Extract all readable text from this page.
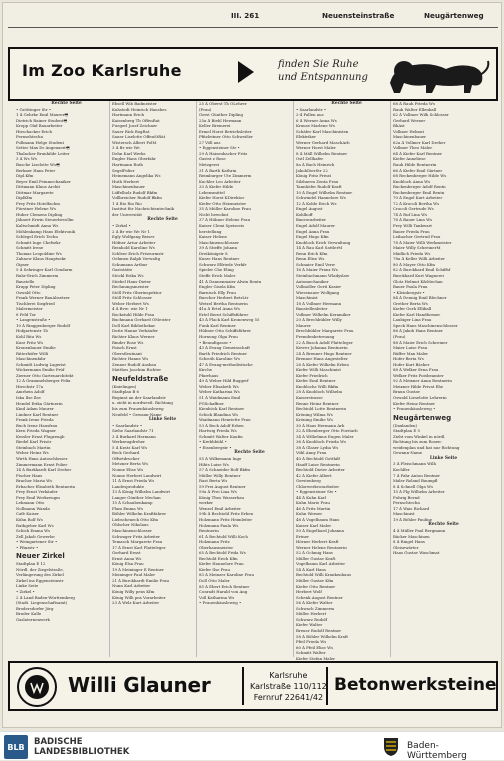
III. 261	Neuensteinstraße	Neugärtenweg
Im Zoo Karlsruhe	finden Sie Ruhe
und Entspannung
Rechte Seite
• Gröttinger Str •
1 ∆ Gehrke Emil Maurer🖷
Dietrich Rainer Student🖷
Kropp Olaf Bauarbeiter
Hirschacker Erich
Pernsehtechn
Pollmann Helge Student
Setter Max Dr Augenarzt🖷
Thalacker Brunhilde Leiter
3 ∆ Ws Ws
Busche Liselotte Ws🖷
Berkner Hans Peter
Dipl.Kfm
Beyer Emil Feinmechaniker
Dittmann Klaus Archit
Dittmar Margarete
DiplKfm
Frey Fritz Hotelfachm
Fürstner Helene Ws
Huber Clemens Dipling
Jähnert Erwin Steuerbevollm
Kaltschmidt Anna Ws
Möhlenkamp Hans Elektronik
Schlegel Erich Techn
Schmitt Inge Chefsekr
Schmitt Irene
Thomas Leopoldine Ws
Zahnow Klaus Hauptsekr
Gipser
5 ∆ Sehringer Karl Gendarm
Ruhr-Erich Zimmerm
Baustelle
Krupp Peter Dipling
Oswald Otto
Frank Werner BauAbsetzer
Tischlerei Siegfried
Malermeister
8 Feld Tor
• Langenstraße •
10 ∆ Ringgenberger Rudolf
Hofgartenstr 1b
Kohl Rita Ws
Kurz Fritz Ws
Kronenbauer Emilie
Ritterhöfer Willi
Maschinenfabr
Schmidt Ludwig Lagerist
Wickermann Emilie Prüf
Zierner Otto Gartenarchitekt
12 ∆ Grammelsberger Felix
Hirschstr 17a
Amrhein Adolf
Iska Ilse Ilse
Hendel Erika Gärtnerin
Kind Adam Maurer
Lindner Karl Rentner
Frank Irene Frieda
Buch Irene Hausfrau
Kern Frieda Wagner
Kessler Ernst Flugzeugb
Riedel Karl Frisör
Steinbach Martin
Weber Heinz Ws
Wirth Hans Autoschlosser
Zimmermann Ernst Polier
14 ∆ Burkhardt Karl Dreher
Fischer Hans
Brachor Maria Ws
Erbacher Elisabeth Rentnerin
Frey Ernst Verkäufer
Frey Emil Werkzeugm
Lehmann Otto
Nollmann Wanda
Cafè Kaiser
Kühn Rolf Ws
Rathgeber Karl Ws
Schick Emma Ws
Zell Jakob Gewerbe
• Weingartener Str •
• Pfinzstr •
Neuer Zirkel
Stadtplan E 12
Nördl. der Ziegelstraße,
Verlängerung des Zirkel
Zirkel ins Eggensteinstr
Linke Seite
• Zirkel •
2 ∆ Land Baden-Württemberg
(Stadt. Liegenschaftsamt)
Brodersdorfer Jörg
Bruder Kalle
Gaslaternenwerk
Ebsell Wib Badmeister
Kuhstedt Heinrich Hausbes
Hartmann Erich
Kaisenberg Tb OffenRat
Fuegerl Josef Zeichner
Sauer Rick BogRat
Sauer Liselotte OffenStRät
Wistersch Albert PolM
3 ∆ Br wie We
Dehn Karl Werks
Engler Hans Oberfahr
Hartmann Ruth
SegelPolier
Heinemann Angelika Ws
Huth Herbert
Maschinenbauer
Löffelholz Rudolf Bkfm
Vollbreicher Rudolf Bkfm
1 ∆ Rio Rio Rio
Institut für Nachrichtentechnik
der Universität
Rechte Seite
• Zirkel •
2 ∆ Br wie We Nr 1
Egly Wolfgang Beiser
Höfner Artur Arbeiter
Reinhold Karoline Ws
Schleer Erich Friseurmstr
Oehmen Ralph Verwaltg
Schumann Arthur
Gaststätte
Stöckl Erika Ws
Stiebel Hans-Dieter
Rechnungsmeister
Stöll Fritz Oberinspektor
Stöll Fritz Schlosser
Weber Herbert Ws
4 ∆ Bvw: wie Nr 1
Rockstuhl Hilde Frau
Buchmann Gerhard OMeister
Doll Karl Bibliothekar
Dutte Hanne Verkäufer
Richter Klaus Werner
Rinder Rose Ws
Faisch Ernst
Oberstleutnant
Richter Hanne Ws
Zenner Rudolf Ausbau
Matthes Joachim Richter
Neufeldstraße
(Knielingen)
Stadtplan B 6
Beginnt an der Saarlandstr
u. zieht in nordwestl. Richtung
bis zum Frauenhäusleweg
Neufeld • Gewann-Name
Linke Seite
• Saarlandstr •
Siehe Saarlandstr 71
3 ∆ Burkard Hermann
Werkzeugdreher
5 ∆ Kratz Karl Ws
Beck Gerhard
Offsetdrucker
Metzner Berta Ws
Nonne Elise Ws
Nonne Herbert Landwirt
11 ∆ Ernst Frieda Ws
Landesprodukte
13 ∆ König Wilhelm Landwirt
Langer Günther Mechan
15 ∆ Schaubenkamp
Flam Emma Ws
Böhler Wilhelm Kraftfahrer
Liebscheneck Otto Kfm
Ohlscher Nikolaus
Maschinenschlosser
Schwager Fritz Arbeiter
Temasch Margarete Frau
17 ∆ Ernst Karl Platteleger
Gerhard Ernst
Ernst Anna Ws
König Elsa Frau
19 ∆ Meininger E Rentner
Meininger Paul Maler
21 ∆ Burckhardt Emilie Frau
Nunn Karl Arbeiter
König Willy pens Kfm
König Willi pns Vorarbeiter
23 ∆ Welz Kurt Arbeiter
25 ∆ Oberst Th OLehrer
(Frau)
Gerst Günther Dipling
25a ∆ Biehl Hermann
Keller Bremerei
Ermel Horst Betriebsleiter
Pfitzleitner Otto Schweißer
27 Völl aus
• Eggensteiner Str •
29 ∆ Haisenbacher Fritz
Gastst z Rose
Metzgerei
31 ∆ Barth Kathrin
Reimburger Ute Zimmerm
Kuchler Leo Arbeiter
33 ∆ Kiefer Hilde
Lebensmittel
Kiefer Horst KDirektor
Kiefer Otto Heizmeister
35 ∆ Müller Karoline Frau
Nicht bewohnt
37 ∆ Hübner Helene Frau
Kaiser Clemi Speiseeis
herstellung
Kaiser Helene
Maschinenschlosser
39 ∆ Stieffe Johann
Dreikönigstr 8
Kurze Hans Rentner
Schwarz Elfriede Verkfr
Spieler Che Eling
Steffe Erich Maler
41 ∆ Dannenmaier Alwin Rentn
Engler Gisela Kfm
Barnisch Elly Frau
Buecher Herbert BetrLtr
Wetzel Bertha Rentnerin
41a ∆ Ertel Anna Ws
Ertel Bernt Schiffsführer
43 ∆ Flack Karl Kronenweg 55
Funk Karl Rentner
Hübner Otto Schiffsführer
Hornung Olga Frau
• Beundtgasse •
43 ∆ Evang Gemeinschaft
Barth Friedrich Rentner
Schroth Karoline Ws
47 ∆ Evang-methodistische
Kirche
Pfarrhaus
49 ∆ Weber Hild Buggerf
Weber Elisabeth Ws
Weber Katharina Ws
51 ∆ Waidmann Emil
PGSchaffner
Kienböck Karl Rentner
Schick Blandina Ws
Waidmann Henriette Frau
53 ∆ Beck Adolf Erben
Hartwig Frieda Ws
Schmitt Walter Kaufm
• Krebbbühl •
• Eisenbergstr •
Rechte Seite
55 ∆ Wilkemann Inge
Hibts Luise Ws
57 ∆ Schneider Rolf Bkfm
Müller Willy Rentner
Rast Berta Ws
59 Frei August Rentner
59a ∆ Frei Lina Ws
König Theo Wasserbau
werker
Wenzel Emil Arbeiter
59b ∆ Bechtold Fritz Erben
Holzmann Fritz Heimleiter
Holzmann Paula Ws
Rentnerin
61 ∆ Bechtold Willi Koch
Holzmann Fritz
Oberhausmeister
65 ∆ Bechtold Frida Ws
Bechtold Erich Kfm
Kiefer Hannelore Frau
Kiefer Ilse Frau
83 ∆ Meinzer Karoline Frau
Doll Otto Maler
85 ∆ Ebert Erich Rentner
Conradt Harald von Ang
Voll Katharina Ws
• Frauenhäusleweg •
Rechte Seite
• Saarlandstr •
2-4 Fallen aus
6 ∆ Werner Anna Ws
Krause Marlene Ws
Schäfer Karl Maschinisten
Elektriker
Werner Gerhard MaschArb
Werner Horst Maler
8 ∆ Mäll Wilhelm Rentner
Ostl Zellhafer
8a ∆ Bach Heinrich
JakobDierStr 22
König Fritz Privat
Silzbaven Zenta Frau
Tannhöfer Rudolf Kraft
10 ∆ Engel Wilhelm Rentner
Schwindel Hannelore Ws
12 ∆ Kohle Erich Ws
Engel August
Kohlhoff
Bauvorarbeiter
Engel Adolf Maurer
Engel Anna Frau
Engel Hugo Kfm
Knobloch Erich Verwaltung
14 ∆ Rau Karl SattlerM
Renn Erich Kfm
Renn Elise Ws
Schnaier Emil Verw
16 ∆ Maier Franz Ws
Steinbachmann Wladyslaw
Automechaniker
Vollmöller Gerti Kasier
Wiesenauer Wolfgang
Maschinist
18 ∆ Vollmer Hermann
Baustellenleiter
Vollmer Wilhelm Keramiker
20 ∆ Brechbühler Willy
Maurer
Brechbühler Margarete Frau
Fremdenbetreuung
22 ∆ Busch Adolf Platteleger
Kevrer Johanna Rentnerin
24 ∆ Brenner Hugo Rentner
Brenner Hans Angestelter
26 ∆ Kiefer Wilhelm Erben
Kiefer Willi Maschinist
Kiefer Friedrich
Kiefer Emil Rentner
Knoblochs Willi Bkfm
28 ∆ Knobloch Wilhelm
Kaiserstrasse
Renne Heinz Rentner
Bechtold Lotte Rentnerin
Kröning Wilma Ws
Kröning Emilie Ws
30 ∆ Haas Hermann Arb
32 ∆ Ehenberger Otto Forstarb
34 ∆ Wilhelmus Eugen Maler
36 ∆ Knobloch Frieda Ws
38 ∆ Glaser Lydia Ws
Vöhl Anny Frau
40 ∆ Bechtold Gotthilf
Hauff Luise Rentnerin
Bechtold Dieter Arbeiter
42 ∆ Kiefer Albert
Gerstenberg
Chlorwerkvorarbeiter
• Eggensteiner Str •
44 ∆ Kuhn Karl
Kuhn Marie Frau
46 ∆ Fritz Martin
Kuhn Werner
48 ∆ Vogelbaum Hans
Kaiser Karl Maler
50 ∆ Engelhard Johanna
Ertner
Hörner Herbert Kraft
Werner Helene Rentnerin
52 ∆ Ochmig Hans
Müller Gustav Kraft
Vogelbaum Karl Arbeiter
54 ∆ Karl Hans
Bechtold Willi Krankenhaus
Müller Gustav Kfm
Kiefer Otto Rentner
Herbert Wolf
Schenk August Rentner
56 ∆ Kiefer Walter
Schwach Zimmerm
Müller Herbert
Schwarz Rudolf
Kiefer Walter
Breuer Rudolf Rentner
58 ∆ Böhler Wilhelm Kraft
Pfeil Frieda Ws
60 ∆ Pfeil Elise Ws
Schmitt Walter
Kiefer Stefan Maler
68 ∆ Rauh Frieda Ws
Rauh Walter Ellenball
62 ∆ Vollmer Wilh Schlosser
Gerhard Werner
BhAst
Vollmer Helmut
Maschinenbauer
62a ∆ Vollmer Karl Dreher
Vollmer Theo Maler
64 ∆ Kiefer Karl Rentner
Kiefer Anneliese
Rauh Hilde Rentnerin
66 ∆ Kiefer Emil Gärtner
68 Reckenberger Hilde Ws
Knobloch Anna Ws
Ruckenberger Adolf Rentn
Ruckenberger Emil Rentn
70 ∆ Engel Kurt Arbeiter
72 ∆ Krocoli Bertha Ws
Crocoli Gertrude Ws
74 ∆ Ruf Lina Ws
76 ∆ Bauer Lina Ws
Frey Willi Tankwart
Bauer Frieda Frau
Leibacher Gertrud Frau
78 ∆ Maier Willi Werkmeister
Maier Willy SchreinerM
Mädlich Frieda Ws
78a ∆ Keller Willi Arbeiter
80 ∆ Mayer Otto Kfm
82 ∆ Burckhard Emil Schiffsf
Burckhard Kurt Wagnerei
Glotz Helmut KfzMechan
Bauer Paula Frau
• Kleinbergstr •
84 ∆ Dennig Emil Blechner
Grether Berta Ws
Kiefer Gerh Elliball
Kiefer Karl Handformer
Laubiger Lina Frau
Speck Hans Maschinenschlosser
86 ∆ Jakob Hans Rentner
(Frau)
88 ∆ Maier Erich Schreiner
Maier Luise Frau
Rüffer Max Maler
Hofer Berta Ws
Hofer Kurt Bäcker
88 ∆ Welker Erna Frau
Welker Fritz Postbeamter
92 ∆ Meixner Anna Rentnerin
Meixner Hilde Privat Ehe
Braun Gustav
Oswald Lieselotte Lehrerin
Kiefer Heinz Rentner
• Frauenhäusleweg •
Neugärtenweg
(Daxlanden)
Stadtplan E 5
Zieht vom Winkel in nördl.
Richtung bis zum Rosen-
weidenplan und hat nur Richtung
Gewann-Name
Linke Seite
3 ∆ Fleischmann Wilh
Kochlfer
7 ∆ Fahr Anton Rentner
Maler Roland Baumpfl
8 ∆ Schnell Olga Ws
15 ∆ Flg Wilhelm Arbeiter
Fuhrig Bernd
Pernschtechn
17 ∆ Wais Richard
Maschinist
19 ∆ Böhler Pauline
Rechte Seite
4 ∆ Müller Paul Bergmann
Bäcker Maschinen
8 ∆ Ringel Hans
Gleisewärter
Haas Gustav Waschmat
Willi Glauner	Karlsruhe
Karlstraße 110/112
Fernruf 22641/42
Betonwerksteine
BLB	BADISCHE
LANDESBIBLIOTHEK
Baden-Württemberg
